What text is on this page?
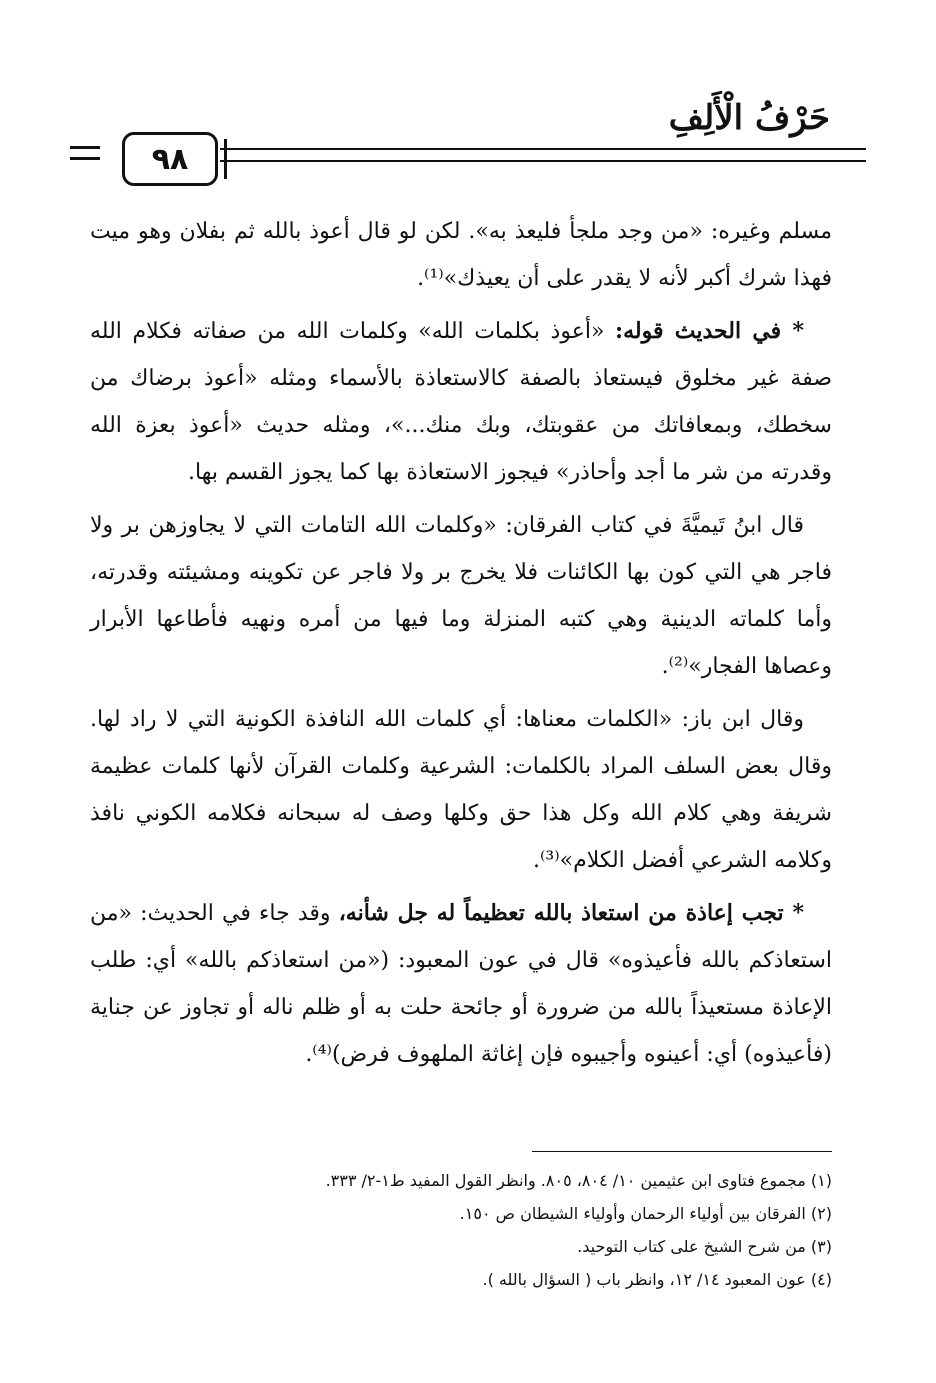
حَرْفُ الْأَلِفِ
٩٨

مسلم وغيره: «من وجد ملجأ فليعذ به». لكن لو قال أعوذ بالله ثم بفلان وهو ميت فهذا شرك أكبر لأنه لا يقدر على أن يعيذك»⁽¹⁾.

* في الحديث قوله: «أعوذ بكلمات الله» وكلمات الله من صفاته فكلام الله صفة غير مخلوق فيستعاذ بالصفة كالاستعاذة بالأسماء ومثله «أعوذ برضاك من سخطك، وبمعافاتك من عقوبتك، وبك منك...»، ومثله حديث «أعوذ بعزة الله وقدرته من شر ما أجد وأحاذر» فيجوز الاستعاذة بها كما يجوز القسم بها.

قال ابنُ تَيميَّةَ في كتاب الفرقان: «وكلمات الله التامات التي لا يجاوزهن بر ولا فاجر هي التي كون بها الكائنات فلا يخرج بر ولا فاجر عن تكوينه ومشيئته وقدرته، وأما كلماته الدينية وهي كتبه المنزلة وما فيها من أمره ونهيه فأطاعها الأبرار وعصاها الفجار»⁽²⁾.

وقال ابن باز: «الكلمات معناها: أي كلمات الله النافذة الكونية التي لا راد لها. وقال بعض السلف المراد بالكلمات: الشرعية وكلمات القرآن لأنها كلمات عظيمة شريفة وهي كلام الله وكل هذا حق وكلها وصف له سبحانه فكلامه الكوني نافذ وكلامه الشرعي أفضل الكلام»⁽³⁾.

* تجب إعاذة من استعاذ بالله تعظيماً له جل شأنه، وقد جاء في الحديث: «من استعاذكم بالله فأعيذوه» قال في عون المعبود: («من استعاذكم بالله» أي: طلب الإعاذة مستعيذاً بالله من ضرورة أو جائحة حلت به أو ظلم ناله أو تجاوز عن جناية (فأعيذوه) أي: أعينوه وأجيبوه فإن إغاثة الملهوف فرض)⁽⁴⁾.

(١) مجموع فتاوى ابن عثيمين ١٠/ ٨٠٤، ٨٠٥. وانظر القول المفيد ط١-٢/ ٣٣٣.
(٢) الفرقان بين أولياء الرحمان وأولياء الشيطان ص ١٥٠.
(٣) من شرح الشيخ على كتاب التوحيد.
(٤) عون المعبود ١٤/ ١٢، وانظر باب ( السؤال بالله ).
